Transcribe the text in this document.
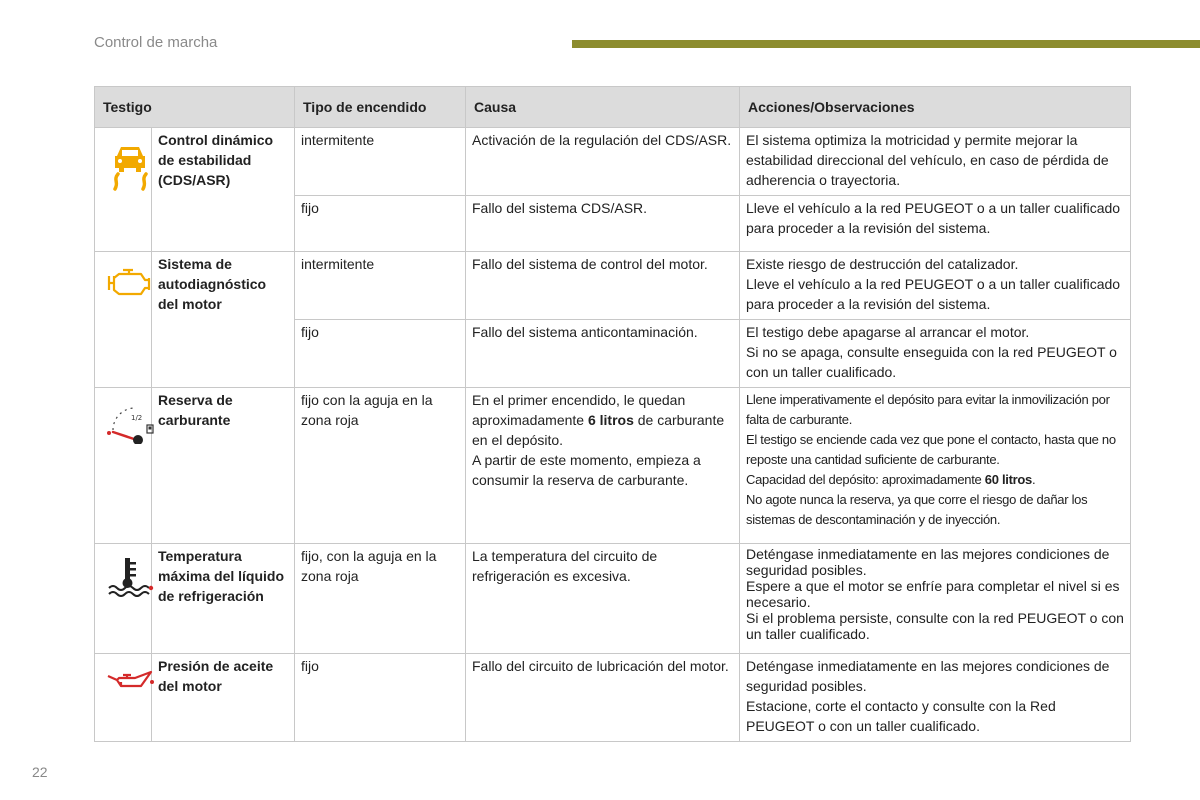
Control de marcha
Testigo		Tipo de encendido	Causa	Acciones/Observaciones

	Control dinámico de estabilidad (CDS/ASR)	intermitente	Activación de la regulación del CDS/ASR.	El sistema optimiza la motricidad y permite mejorar la estabilidad direccional del vehículo, en caso de pérdida de adherencia o trayectoria.

		fijo	Fallo del sistema CDS/ASR.	Lleve el vehículo a la red PEUGEOT o a un taller cualificado para proceder a la revisión del sistema.

	Sistema de autodiagnóstico del motor	intermitente	Fallo del sistema de control del motor.	Existe riesgo de destrucción del catalizador.
Lleve el vehículo a la red PEUGEOT o a un taller cualificado para proceder a la revisión del sistema.

		fijo	Fallo del sistema anticontaminación.	El testigo debe apagarse al arrancar el motor.
Si no se apaga, consulte enseguida con la red PEUGEOT o con un taller cualificado.

1/2	Reserva de carburante	fijo con la aguja en la zona roja	En el primer encendido, le quedan aproximadamente 6 litros de carburante en el depósito.
A partir de este momento, empieza a consumir la reserva de carburante.	Llene imperativamente el depósito para evitar la inmovilización por falta de carburante.
El testigo se enciende cada vez que pone el contacto, hasta que no reposte una cantidad suficiente de carburante.
Capacidad del depósito: aproximadamente 60 litros.
No agote nunca la reserva, ya que corre el riesgo de dañar los sistemas de descontaminación y de inyección.

	Temperatura máxima del líquido de refrigeración	fijo, con la aguja en la zona roja	La temperatura del circuito de refrigeración es excesiva.	Deténgase inmediatamente en las mejores condiciones de seguridad posibles.
Espere a que el motor se enfríe para completar el nivel si es necesario.
Si el problema persiste, consulte con la red PEUGEOT o con un taller cualificado.

	Presión de aceite del motor	fijo	Fallo del circuito de lubricación del motor.	Deténgase inmediatamente en las mejores condiciones de seguridad posibles.
Estacione, corte el contacto y consulte con la Red PEUGEOT o con un taller cualificado.
22
